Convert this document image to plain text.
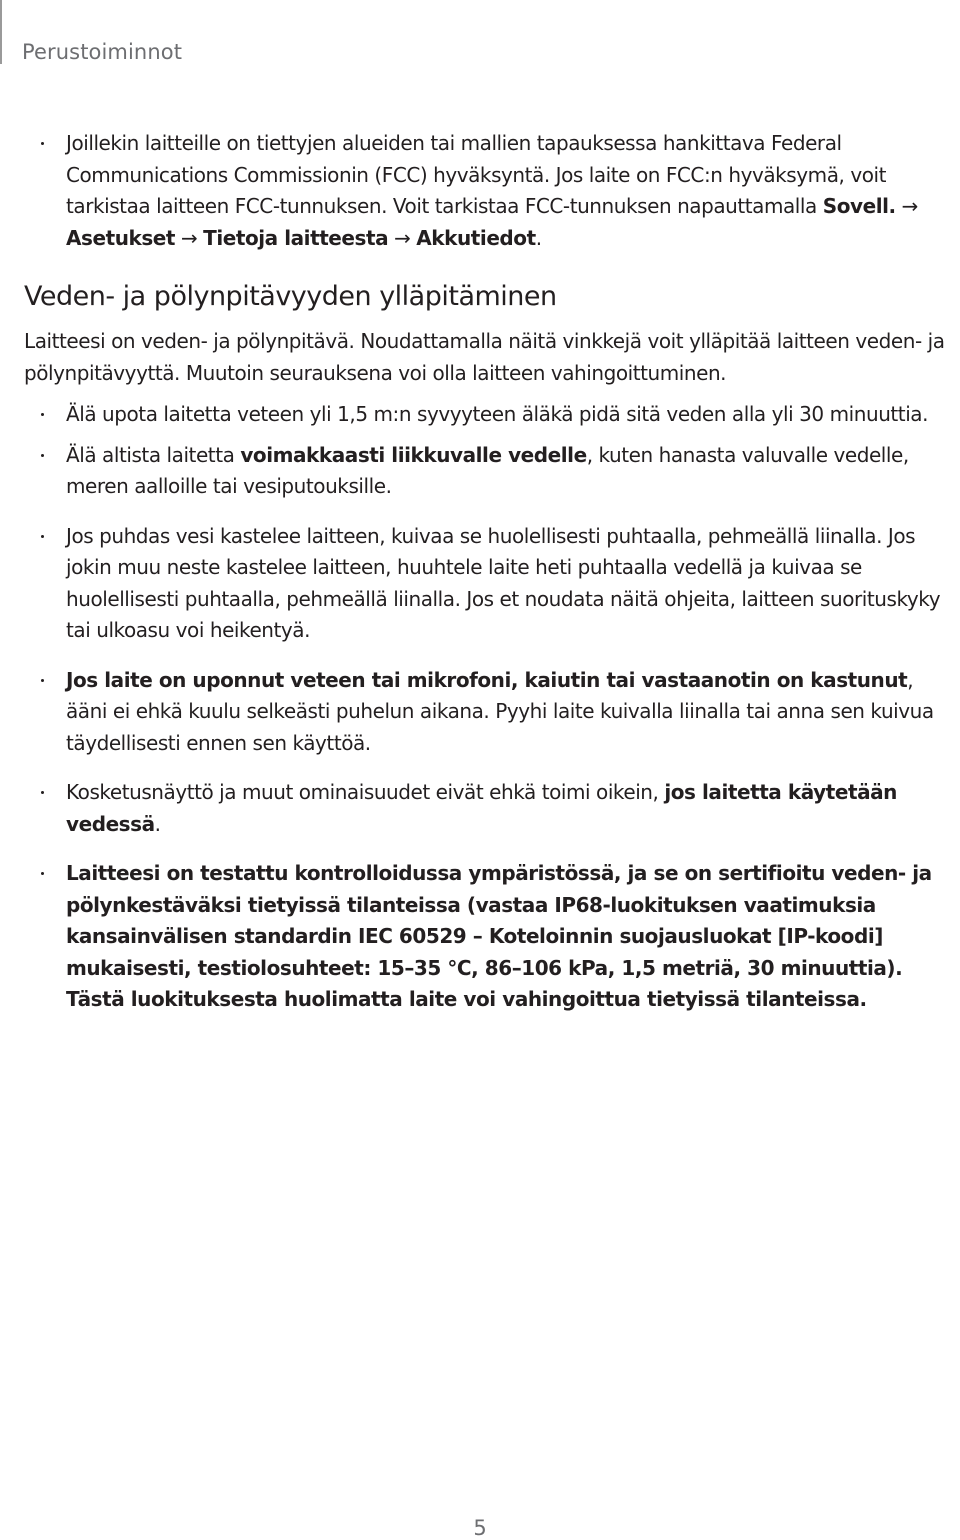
Perustoiminnot
Joillekin laitteille on tiettyjen alueiden tai mallien tapauksessa hankittava Federal Communications Commissionin (FCC) hyväksyntä. Jos laite on FCC:n hyväksymä, voit tarkistaa laitteen FCC-tunnuksen. Voit tarkistaa FCC-tunnuksen napauttamalla Sovell. → Asetukset → Tietoja laitteesta → Akkutiedot.
Veden- ja pölynpitävyyden ylläpitäminen

Laitteesi on veden- ja pölynpitävä. Noudattamalla näitä vinkkejä voit ylläpitää laitteen veden- ja pölynpitävyyttä. Muutoin seurauksena voi olla laitteen vahingoittuminen.

Älä upota laitetta veteen yli 1,5 m:n syvyyteen äläkä pidä sitä veden alla yli 30 minuuttia.
Älä altista laitetta voimakkaasti liikkuvalle vedelle, kuten hanasta valuvalle vedelle, meren aalloille tai vesiputouksille.
Jos puhdas vesi kastelee laitteen, kuivaa se huolellisesti puhtaalla, pehmeällä liinalla. Jos jokin muu neste kastelee laitteen, huuhtele laite heti puhtaalla vedellä ja kuivaa se huolellisesti puhtaalla, pehmeällä liinalla. Jos et noudata näitä ohjeita, laitteen suorituskyky tai ulkoasu voi heikentyä.
Jos laite on uponnut veteen tai mikrofoni, kaiutin tai vastaanotin on kastunut, ääni ei ehkä kuulu selkeästi puhelun aikana. Pyyhi laite kuivalla liinalla tai anna sen kuivua täydellisesti ennen sen käyttöä.
Kosketusnäyttö ja muut ominaisuudet eivät ehkä toimi oikein, jos laitetta käytetään vedessä.
Laitteesi on testattu kontrolloidussa ympäristössä, ja se on sertifioitu veden- ja pölynkestäväksi tietyissä tilanteissa (vastaa IP68-luokituksen vaatimuksia kansainvälisen standardin IEC 60529 – Koteloinnin suojausluokat [IP-koodi] mukaisesti, testiolosuhteet: 15–35 °C, 86–106 kPa, 1,5 metriä, 30 minuuttia). Tästä luokituksesta huolimatta laite voi vahingoittua tietyissä tilanteissa.
5
